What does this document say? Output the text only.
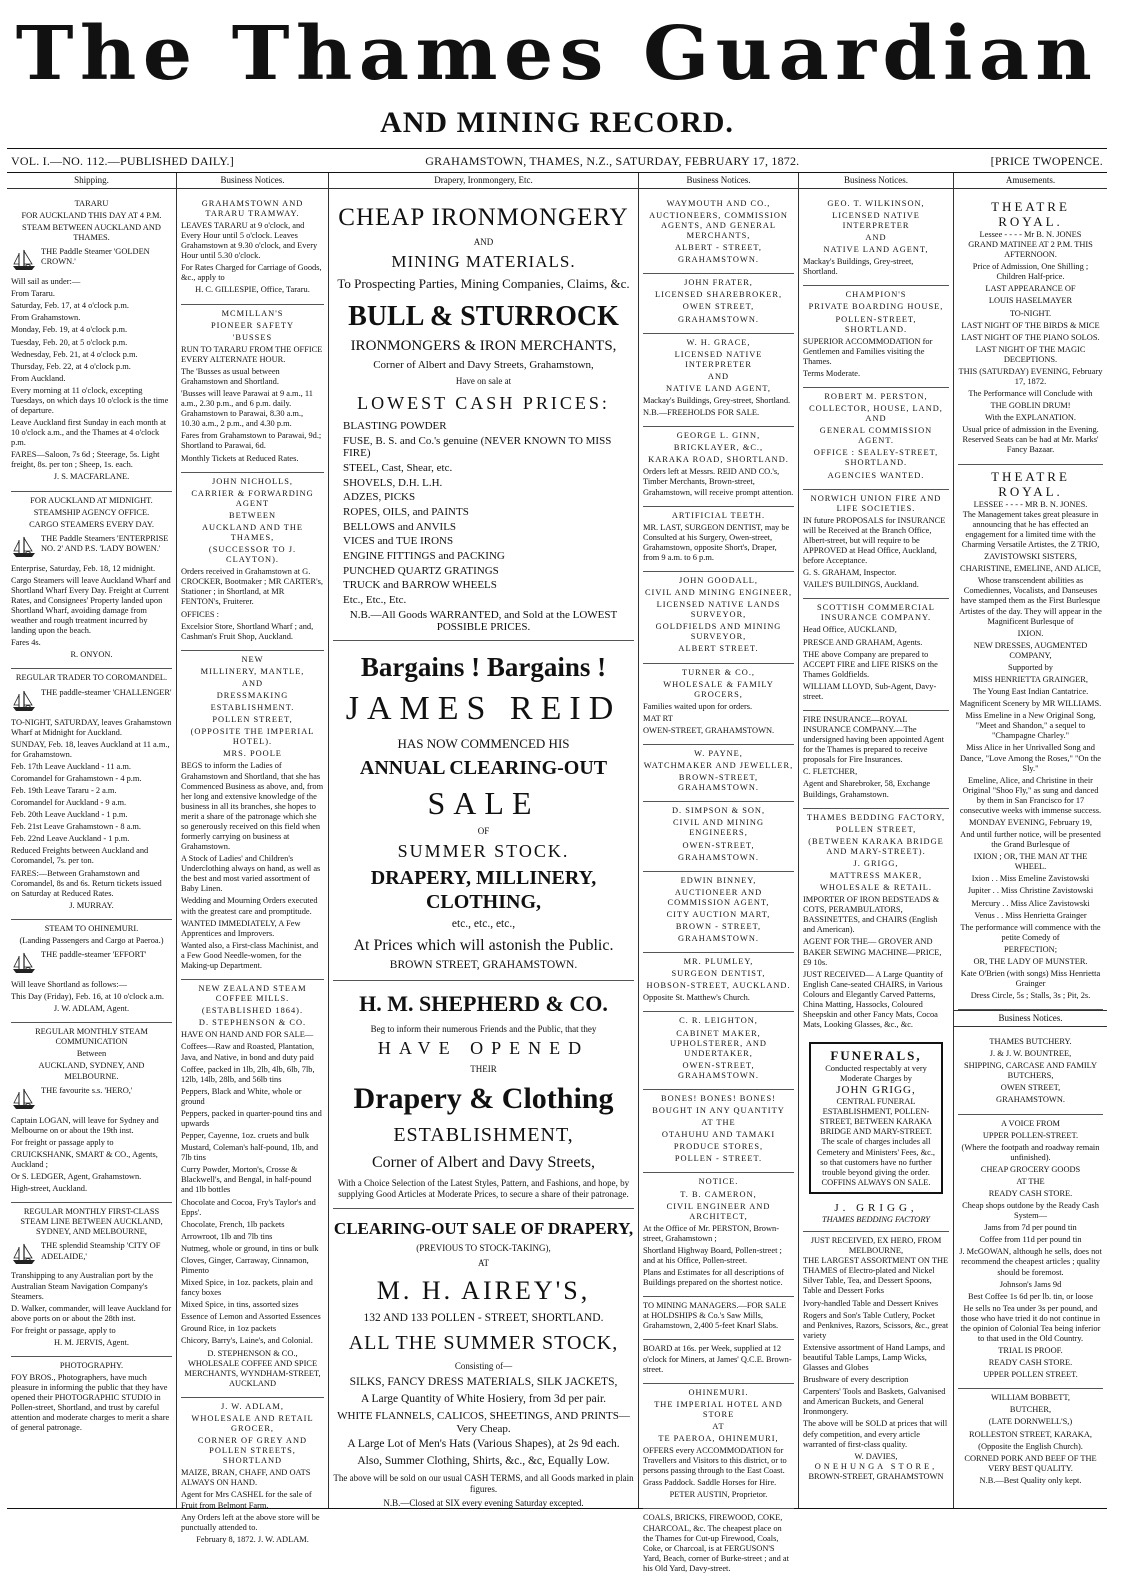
The Thames Guardian
AND MINING RECORD.
VOL. I.—NO. 112.—PUBLISHED DAILY.]	GRAHAMSTOWN, THAMES, N.Z., SATURDAY, FEBRUARY 17, 1872.	[PRICE TWOPENCE.
Shipping.

TARARU

FOR AUCKLAND THIS DAY AT 4 P.M.

STEAM BETWEEN AUCKLAND AND THAMES.

THE Paddle Steamer 'GOLDEN CROWN.'

Will sail as under:—

From Tararu.

Saturday, Feb. 17, at 4 o'clock p.m.

From Grahamstown.

Monday, Feb. 19, at 4 o'clock p.m.

Tuesday, Feb. 20, at 5 o'clock p.m.

Wednesday, Feb. 21, at 4 o'clock p.m.

Thursday, Feb. 22, at 4 o'clock p.m.

From Auckland.

Every morning at 11 o'clock, excepting Tuesdays, on which days 10 o'clock is the time of departure.

Leave Auckland first Sunday in each month at 10 o'clock a.m., and the Thames at 4 o'clock p.m.

FARES—Saloon, 7s 6d ; Steerage, 5s. Light freight, 8s. per ton ; Sheep, 1s. each.

J. S. MACFARLANE.

FOR AUCKLAND AT MIDNIGHT.

STEAMSHIP AGENCY OFFICE.

CARGO STEAMERS EVERY DAY.

THE Paddle Steamers 'ENTERPRISE NO. 2' AND P.S. 'LADY BOWEN.'

Enterprise, Saturday, Feb. 18, 12 midnight.

Cargo Steamers will leave Auckland Wharf and Shortland Wharf Every Day. Freight at Current Rates, and Consignees' Property landed upon Shortland Wharf, avoiding damage from weather and rough treatment incurred by landing upon the beach.

Fares 4s.

R. ONYON.

REGULAR TRADER TO COROMANDEL.

THE paddle-steamer 'CHALLENGER'

TO-NIGHT, SATURDAY, leaves Grahamstown Wharf at Midnight for Auckland.

SUNDAY, Feb. 18, leaves Auckland at 11 a.m., for Grahamstown.

Feb. 17th Leave Auckland - 11 a.m.

Coromandel for Grahamstown - 4 p.m.

Feb. 19th Leave Tararu - 2 a.m.

Coromandel for Auckland - 9 a.m.

Feb. 20th Leave Auckland - 1 p.m.

Feb. 21st Leave Grahamstown - 8 a.m.

Feb. 22nd Leave Auckland - 1 p.m.

Reduced Freights between Auckland and Coromandel, 7s. per ton.

FARES:—Between Grahamstown and Coromandel, 8s and 6s. Return tickets issued on Saturday at Reduced Rates.

J. MURRAY.

STEAM TO OHINEMURI.

(Landing Passengers and Cargo at Paeroa.)

THE paddle-steamer 'EFFORT'

Will leave Shortland as follows:—

This Day (Friday), Feb. 16, at 10 o'clock a.m.

J. W. ADLAM, Agent.

REGULAR MONTHLY STEAM COMMUNICATION

Between

AUCKLAND, SYDNEY, AND MELBOURNE.

THE favourite s.s. 'HERO,'

Captain LOGAN, will leave for Sydney and Melbourne on or about the 19th inst.

For freight or passage apply to

CRUICKSHANK, SMART & CO., Agents, Auckland ;

Or S. LEDGER, Agent, Grahamstown.

High-street, Auckland.

REGULAR MONTHLY FIRST-CLASS STEAM LINE BETWEEN AUCKLAND, SYDNEY, AND MELBOURNE,

THE splendid Steamship 'CITY OF ADELAIDE,'

Transhipping to any Australian port by the Australian Steam Navigation Company's Steamers.

D. Walker, commander, will leave Auckland for above ports on or about the 28th inst.

For freight or passage, apply to

H. M. JERVIS, Agent.

PHOTOGRAPHY.

FOY BROS., Photographers, have much pleasure in informing the public that they have opened their PHOTOGRAPHIC STUDIO in Pollen-street, Shortland, and trust by careful attention and moderate charges to merit a share of general patronage.

Business Notices.

GRAHAMSTOWN AND TARARU TRAMWAY.

LEAVES TARARU at 9 o'clock, and Every Hour until 5 o'clock. Leaves Grahamstown at 9.30 o'clock, and Every Hour until 5.30 o'clock.

For Rates Charged for Carriage of Goods, &c., apply to

H. C. GILLESPIE, Office, Tararu.

MCMILLAN'S

PIONEER SAFETY

'BUSSES

RUN TO TARARU FROM THE OFFICE EVERY ALTERNATE HOUR.

The 'Busses as usual between Grahamstown and Shortland.

'Busses will leave Parawai at 9 a.m., 11 a.m., 2.30 p.m., and 6 p.m. daily. Grahamstown to Parawai, 8.30 a.m., 10.30 a.m., 2 p.m., and 4.30 p.m.

Fares from Grahamstown to Parawai, 9d.; Shortland to Parawai, 6d.

Monthly Tickets at Reduced Rates.

JOHN NICHOLLS,

CARRIER & FORWARDING AGENT

BETWEEN

AUCKLAND AND THE THAMES,

(SUCCESSOR TO J. CLAYTON).

Orders received in Grahamstown at G. CROCKER, Bootmaker ; MR CARTER's, Stationer ; in Shortland, at MR FENTON's, Fruiterer.

OFFICES :

Excelsior Store, Shortland Wharf ; and, Cashman's Fruit Shop, Auckland.

NEW

MILLINERY, MANTLE,

AND

DRESSMAKING

ESTABLISHMENT.

POLLEN STREET,

(OPPOSITE THE IMPERIAL HOTEL).

MRS. POOLE

BEGS to inform the Ladies of Grahamstown and Shortland, that she has Commenced Business as above, and, from her long and extensive knowledge of the business in all its branches, she hopes to merit a share of the patronage which she so generously received on this field when formerly carrying on business at Grahamstown.

A Stock of Ladies' and Children's Underclothing always on hand, as well as the best and most varied assortment of Baby Linen.

Wedding and Mourning Orders executed with the greatest care and promptitude.

WANTED IMMEDIATELY, A Few Apprentices and Improvers.

Wanted also, a First-class Machinist, and a Few Good Needle-women, for the Making-up Department.

NEW ZEALAND STEAM COFFEE MILLS.

(ESTABLISHED 1864).

D. STEPHENSON & CO.

HAVE ON HAND AND FOR SALE—

Coffees—Raw and Roasted, Plantation, Java, and Native, in bond and duty paid

Coffee, packed in 1lb, 2lb, 4lb, 6lb, 7lb, 12lb, 14lb, 28lb, and 56lb tins

Peppers, Black and White, whole or ground

Peppers, packed in quarter-pound tins and upwards

Pepper, Cayenne, 1oz. cruets and bulk

Mustard, Coleman's half-pound, 1lb, and 7lb tins

Curry Powder, Morton's, Crosse & Blackwell's, and Bengal, in half-pound and 1lb bottles

Chocolate and Cocoa, Fry's Taylor's and Epps'.

Chocolate, French, 1lb packets

Arrowroot, 1lb and 7lb tins

Nutmeg, whole or ground, in tins or bulk

Cloves, Ginger, Carraway, Cinnamon, Pimento

Mixed Spice, in 1oz. packets, plain and fancy boxes

Mixed Spice, in tins, assorted sizes

Essence of Lemon and Assorted Essences

Ground Rice, in 1oz packets

Chicory, Barry's, Laine's, and Colonial.

D. STEPHENSON & CO., WHOLESALE COFFEE AND SPICE MERCHANTS, WYNDHAM-STREET, AUCKLAND

J. W. ADLAM,

WHOLESALE AND RETAIL GROCER,

CORNER OF GREY AND POLLEN STREETS, SHORTLAND

MAIZE, BRAN, CHAFF, AND OATS ALWAYS ON HAND.

Agent for Mrs CASHEL for the sale of Fruit from Belmont Farm.

Any Orders left at the above store will be punctually attended to.

February 8, 1872. J. W. ADLAM.

Drapery, Ironmongery, Etc.
CHEAP IRONMONGERY
AND
MINING MATERIALS.
To Prospecting Parties, Mining Companies, Claims, &c.
BULL & STURROCK
IRONMONGERS & IRON MERCHANTS,
Corner of Albert and Davy Streets, Grahamstown,
Have on sale at
LOWEST CASH PRICES:
BLASTING POWDER
FUSE, B. S. and Co.'s genuine (NEVER KNOWN TO MISS FIRE)
STEEL, Cast, Shear, etc.
SHOVELS, D.H. L.H.
ADZES, PICKS
ROPES, OILS, and PAINTS
BELLOWS and ANVILS
VICES and TUE IRONS
ENGINE FITTINGS and PACKING
PUNCHED QUARTZ GRATINGS
TRUCK and BARROW WHEELS
Etc., Etc., Etc.
N.B.—All Goods WARRANTED, and Sold at the LOWEST POSSIBLE PRICES.
Bargains ! Bargains !
JAMES REID
HAS NOW COMMENCED HIS
ANNUAL CLEARING-OUT
SALE
OF
SUMMER STOCK.
DRAPERY, MILLINERY, CLOTHING,
etc., etc., etc.,
At Prices which will astonish the Public.
BROWN STREET, GRAHAMSTOWN.
H. M. SHEPHERD & CO.
Beg to inform their numerous Friends and the Public, that they
HAVE OPENED
THEIR
Drapery & Clothing
ESTABLISHMENT,
Corner of Albert and Davy Streets,
With a Choice Selection of the Latest Styles, Pattern, and Fashions, and hope, by supplying Good Articles at Moderate Prices, to secure a share of their patronage.
CLEARING-OUT SALE OF DRAPERY,
(PREVIOUS TO STOCK-TAKING),
AT
M. H. AIREY'S,
132 AND 133 POLLEN - STREET, SHORTLAND.
ALL THE SUMMER STOCK,
Consisting of—
SILKS, FANCY DRESS MATERIALS, SILK JACKETS,
A Large Quantity of White Hosiery, from 3d per pair.
WHITE FLANNELS, CALICOS, SHEETINGS, AND PRINTS—Very Cheap.
A Large Lot of Men's Hats (Various Shapes), at 2s 9d each.
Also, Summer Clothing, Shirts, &c., &c, Equally Low.
The above will be sold on our usual CASH TERMS, and all Goods marked in plain figures.
N.B.—Closed at SIX every evening Saturday excepted.
Business Notices.

WAYMOUTH AND CO.,

AUCTIONEERS, COMMISSION AGENTS, AND GENERAL MERCHANTS,

ALBERT - STREET,

GRAHAMSTOWN.

JOHN FRATER,

LICENSED SHAREBROKER,

OWEN STREET,

GRAHAMSTOWN.

W. H. GRACE,

LICENSED NATIVE INTERPRETER

AND

NATIVE LAND AGENT,

Mackay's Buildings, Grey-street, Shortland.

N.B.—FREEHOLDS FOR SALE.

GEORGE L. GINN,

BRICKLAYER, &C.,

KARAKA ROAD, SHORTLAND.

Orders left at Messrs. REID AND CO.'s, Timber Merchants, Brown-street, Grahamstown, will receive prompt attention.

ARTIFICIAL TEETH.

MR. LAST, SURGEON DENTIST, may be Consulted at his Surgery, Owen-street, Grahamstown, opposite Short's, Draper, from 9 a.m. to 6 p.m.

JOHN GOODALL,

CIVIL AND MINING ENGINEER,

LICENSED NATIVE LANDS SURVEYOR,

GOLDFIELDS AND MINING SURVEYOR,

ALBERT STREET.

TURNER & CO.,

WHOLESALE & FAMILY GROCERS,

Families waited upon for orders.

MAT RT

OWEN-STREET, GRAHAMSTOWN.

W. PAYNE,

WATCHMAKER AND JEWELLER,

BROWN-STREET, GRAHAMSTOWN.

D. SIMPSON & SON,

CIVIL AND MINING ENGINEERS,

OWEN-STREET,

GRAHAMSTOWN.

EDWIN BINNEY,

AUCTIONEER AND COMMISSION AGENT,

CITY AUCTION MART,

BROWN - STREET,

GRAHAMSTOWN.

MR. PLUMLEY,

SURGEON DENTIST,

HOBSON-STREET, AUCKLAND.

Opposite St. Matthew's Church.

C. R. LEIGHTON,

CABINET MAKER, UPHOLSTERER, AND UNDERTAKER,

OWEN-STREET, GRAHAMSTOWN.

BONES! BONES! BONES!

BOUGHT IN ANY QUANTITY

AT THE

OTAHUHU AND TAMAKI

PRODUCE STORES,

POLLEN - STREET.

NOTICE.

T. B. CAMERON,

CIVIL ENGINEER AND ARCHITECT,

At the Office of Mr. PERSTON, Brown-street, Grahamstown ;

Shortland Highway Board, Pollen-street ; and at his Office, Pollen-street.

Plans and Estimates for all descriptions of Buildings prepared on the shortest notice.

TO MINING MANAGERS.—FOR SALE at HOLDSHIPS & Co.'s Saw Mills, Grahamstown, 2,400 5-feet Knarl Slabs.

BOARD at 16s. per Week, supplied at 12 o'clock for Miners, at James' Q.C.E. Brown-street.

OHINEMURI.

THE IMPERIAL HOTEL AND STORE

AT

TE PAEROA, OHINEMURI,

OFFERS every ACCOMMODATION for Travellers and Visitors to this district, or to persons passing through to the East Coast.

Grass Paddock. Saddle Horses for Hire.

PETER AUSTIN, Proprietor.

COALS, BRICKS, FIREWOOD, COKE, CHARCOAL, &c. The cheapest place on the Thames for Cut-up Firewood, Coals, Coke, or Charcoal, is at FERGUSON'S Yard, Beach, corner of Burke-street ; and at his Old Yard, Davy-street.

Business Notices.

GEO. T. WILKINSON,

LICENSED NATIVE INTERPRETER

AND

NATIVE LAND AGENT,

Mackay's Buildings, Grey-street, Shortland.

CHAMPION'S

PRIVATE BOARDING HOUSE,

POLLEN-STREET, SHORTLAND.

SUPERIOR ACCOMMODATION for Gentlemen and Families visiting the Thames.

Terms Moderate.

ROBERT M. PERSTON,

COLLECTOR, HOUSE, LAND, AND

GENERAL COMMISSION AGENT.

OFFICE : SEALEY-STREET, SHORTLAND.

AGENCIES WANTED.

NORWICH UNION FIRE AND LIFE SOCIETIES.

IN future PROPOSALS for INSURANCE will be Received at the Branch Office, Albert-street, but will require to be APPROVED at Head Office, Auckland, before Acceptance.

G. S. GRAHAM, Inspector.

VAILE'S BUILDINGS, Auckland.

SCOTTISH COMMERCIAL INSURANCE COMPANY.

Head Office, AUCKLAND,

PRESCE AND GRAHAM, Agents.

THE above Company are prepared to ACCEPT FIRE and LIFE RISKS on the Thames Goldfields.

WILLIAM LLOYD, Sub-Agent, Davy-street.

FIRE INSURANCE—ROYAL INSURANCE COMPANY.—The undersigned having been appointed Agent for the Thames is prepared to receive proposals for Fire Insurances.

C. FLETCHER,

Agent and Sharebroker, 58, Exchange Buildings, Grahamstown.

THAMES BEDDING FACTORY,

POLLEN STREET,

(BETWEEN KARAKA BRIDGE AND MARY-STREET).

J. GRIGG,

MATTRESS MAKER,

WHOLESALE & RETAIL.

IMPORTER OF IRON BEDSTEADS & COTS, PERAMBULATORS, BASSINETTES, and CHAIRS (English and American).

AGENT FOR THE— GROVER AND BAKER SEWING MACHINE—PRICE, £9 10s.

JUST RECEIVED— A Large Quantity of English Cane-seated CHAIRS, in Various Colours and Elegantly Carved Patterns, China Matting, Hassocks, Coloured Sheepskin and other Fancy Mats, Cocoa Mats, Looking Glasses, &c., &c.

FUNERALS,
Conducted respectably at very Moderate Charges by
JOHN GRIGG,
CENTRAL FUNERAL ESTABLISHMENT, POLLEN-STREET, BETWEEN KARAKA BRIDGE AND MARY-STREET.
The scale of charges includes all Cemetery and Ministers' Fees, &c., so that customers have no further trouble beyond giving the order.
COFFINS ALWAYS ON SALE.
J. GRIGG,
THAMES BEDDING FACTORY
JUST RECEIVED, EX HERO, FROM MELBOURNE,

THE LARGEST ASSORTMENT ON THE THAMES of Electro-plated and Nickel Silver Table, Tea, and Dessert Spoons, Table and Dessert Forks

Ivory-handled Table and Dessert Knives

Rogers and Son's Table Cutlery, Pocket and Penknives, Razors, Scissors, &c., great variety

Extensive assortment of Hand Lamps, and beautiful Table Lamps, Lamp Wicks, Glasses and Globes

Brushware of every description

Carpenters' Tools and Baskets, Galvanised and American Buckets, and General Ironmongery.

The above will be SOLD at prices that will defy competition, and every article warranted of first-class quality.

W. DAVIES,
ONEHUNGA STORE,
BROWN-STREET, GRAHAMSTOWN
Amusements.
THEATRE ROYAL.
Lessee - - - - Mr B. N. JONES

GRAND MATINEE AT 2 P.M. THIS AFTERNOON.

Price of Admission, One Shilling ; Children Half-price.

LAST APPEARANCE OF

LOUIS HASELMAYER

TO-NIGHT.

LAST NIGHT OF THE BIRDS & MICE

LAST NIGHT OF THE PIANO SOLOS.

LAST NIGHT OF THE MAGIC DECEPTIONS.

THIS (SATURDAY) EVENING, February 17, 1872.

The Performance will Conclude with

THE GOBLIN DRUM!

With the EXPLANATION.

Usual price of admission in the Evening. Reserved Seats can be had at Mr. Marks' Fancy Bazaar.

THEATRE ROYAL.
LESSEE - - - - MR B. N. JONES.

The Management takes great pleasure in announcing that he has effected an engagement for a limited time with the Charming Versatile Artistes, the Z TRIO,

ZAVISTOWSKI SISTERS,

CHARISTINE, EMELINE, AND ALICE,

Whose transcendent abilities as Comediennes, Vocalists, and Danseuses have stamped them as the First Burlesque Artistes of the day. They will appear in the Magnificent Burlesque of

IXION.

NEW DRESSES, AUGMENTED COMPANY,

Supported by

MISS HENRIETTA GRAINGER,

The Young East Indian Cantatrice.

Magnificent Scenery by MR WILLIAMS.

Miss Emeline in a New Original Song, "Meet and Shandon," a sequel to "Champagne Charley."

Miss Alice in her Unrivalled Song and Dance, "Love Among the Roses," "On the Sly."

Emeline, Alice, and Christine in their Original "Shoo Fly," as sung and danced by them in San Francisco for 17 consecutive weeks with immense success.

MONDAY EVENING, February 19,

And until further notice, will be presented the Grand Burlesque of

IXION ; OR, THE MAN AT THE WHEEL.

Ixion . . Miss Emeline Zavistowski

Jupiter . . Miss Christine Zavistowski

Mercury . . Miss Alice Zavistowski

Venus . . Miss Henrietta Grainger

The performance will commence with the petite Comedy of

PERFECTION;

OR, THE LADY OF MUNSTER.

Kate O'Brien (with songs) Miss Henrietta Grainger

Dress Circle, 5s ; Stalls, 3s ; Pit, 2s.

Business Notices.

THAMES BUTCHERY.

J. & J. W. BOUNTREE,

SHIPPING, CARCASE AND FAMILY BUTCHERS,

OWEN STREET,

GRAHAMSTOWN.

A VOICE FROM

UPPER POLLEN-STREET.

(Where the footpath and roadway remain unfinished).

CHEAP GROCERY GOODS

AT THE

READY CASH STORE.

Cheap shops outdone by the Ready Cash System—

Jams from 7d per pound tin

Coffee from 11d per pound tin

J. McGOWAN, although he sells, does not recommend the cheapest articles ; quality should be foremost.

Johnson's Jams 9d

Best Coffee 1s 6d per lb. tin, or loose

He sells no Tea under 3s per pound, and those who have tried it do not continue in the opinion of Colonial Tea being inferior to that used in the Old Country.

TRIAL IS PROOF.

READY CASH STORE.

UPPER POLLEN STREET.

WILLIAM BOBBETT,

BUTCHER,

(LATE DORNWELL'S,)

ROLLESTON STREET, KARAKA,

(Opposite the English Church).

CORNED PORK AND BEEF OF THE VERY BEST QUALITY.

N.B.—Best Quality only kept.
